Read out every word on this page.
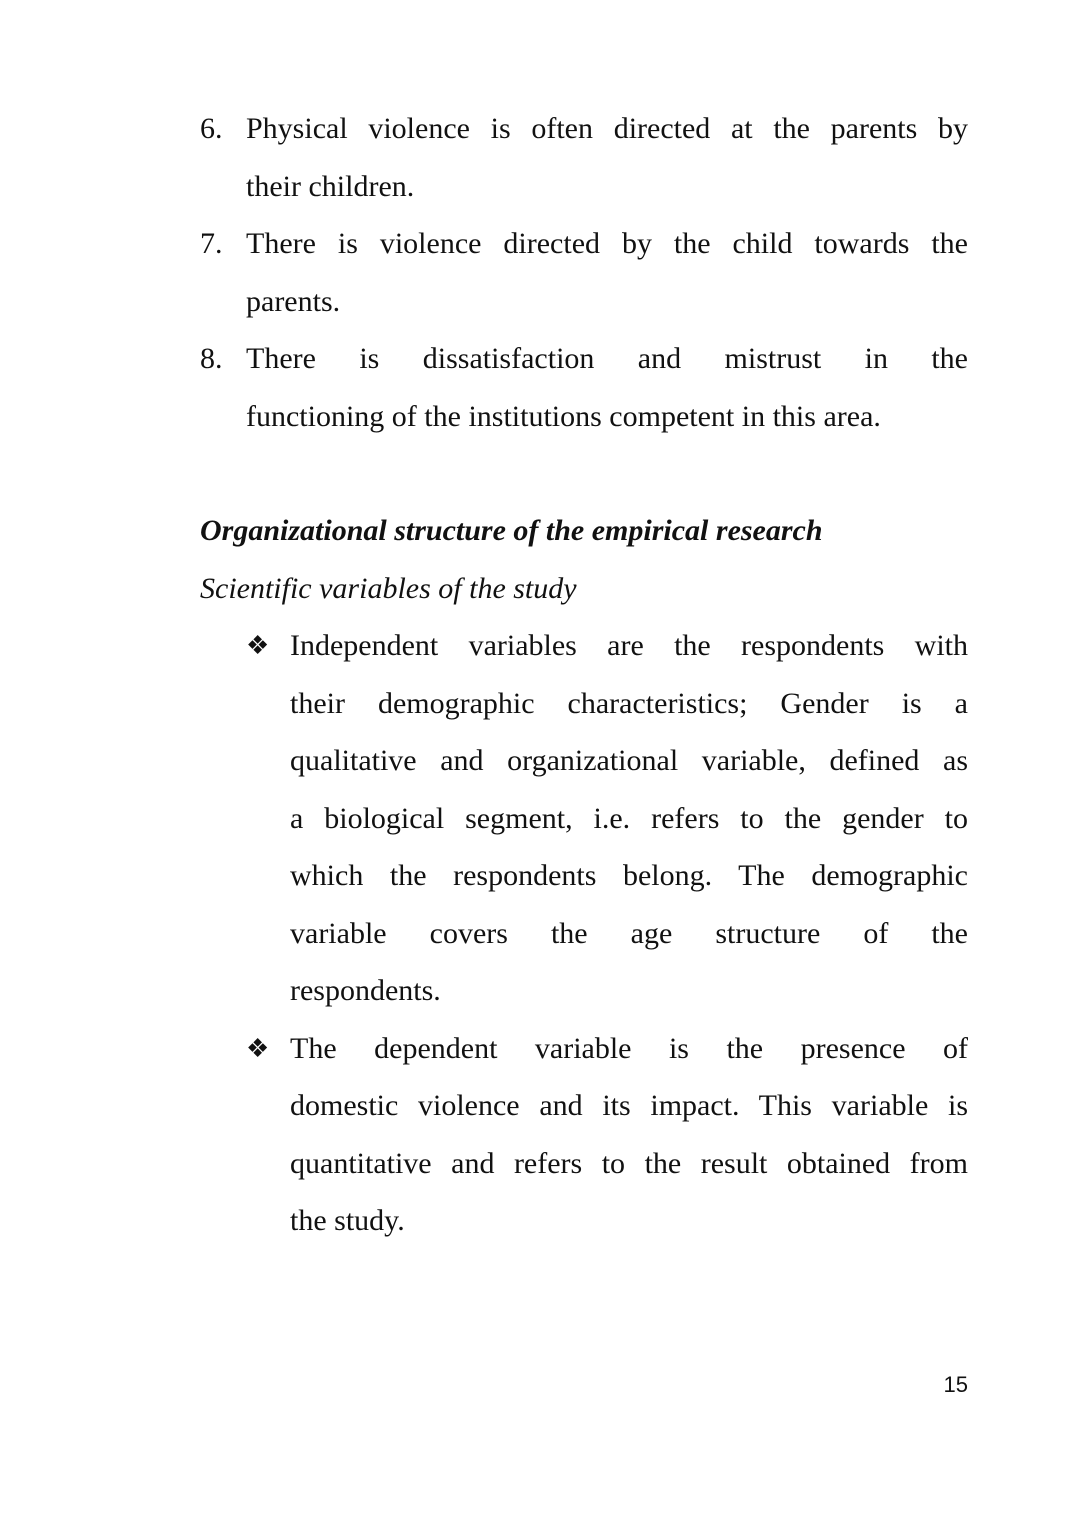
6. Physical violence is often directed at the parents by
their children.
7. There is violence directed by the child towards the
parents.
8. There is dissatisfaction and mistrust in the
functioning of the institutions competent in this area.
Organizational structure of the empirical research
Scientific variables of the study
❖ Independent variables are the respondents with
their demographic characteristics; Gender is a
qualitative and organizational variable, defined as
a biological segment, i.e. refers to the gender to
which the respondents belong. The demographic
variable covers the age structure of the
respondents.
❖ The dependent variable is the presence of
domestic violence and its impact. This variable is
quantitative and refers to the result obtained from
the study.
15
